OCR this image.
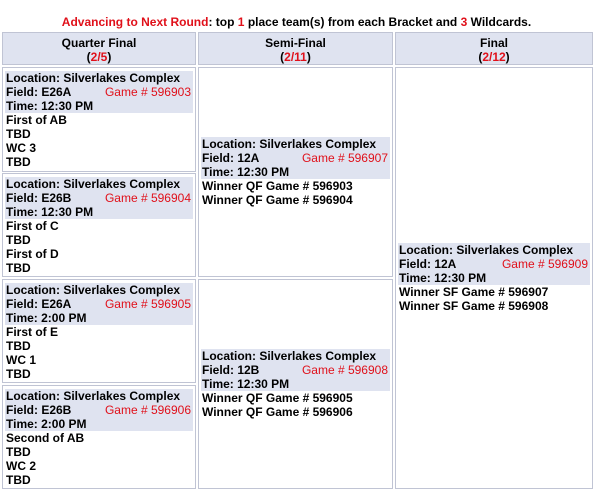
Advancing to Next Round: top 1 place team(s) from each Bracket and 3 Wildcards.
Quarter Final
(2/5)
Semi-Final
(2/11)
Final
(2/12)
Location: Silverlakes Complex
Field: E26A	Game # 596903
Time: 12:30 PM
First of AB
TBD
WC 3
TBD
Location: Silverlakes Complex
Field: E26B	Game # 596904
Time: 12:30 PM
First of C
TBD
First of D
TBD
Location: Silverlakes Complex
Field: E26A	Game # 596905
Time: 2:00 PM
First of E
TBD
WC 1
TBD
Location: Silverlakes Complex
Field: E26B	Game # 596906
Time: 2:00 PM
Second of AB
TBD
WC 2
TBD
Location: Silverlakes Complex
Field: 12A	Game # 596907
Time: 12:30 PM
Winner QF Game # 596903
Winner QF Game # 596904
Location: Silverlakes Complex
Field: 12B	Game # 596908
Time: 12:30 PM
Winner QF Game # 596905
Winner QF Game # 596906
Location: Silverlakes Complex
Field: 12A	Game # 596909
Time: 12:30 PM
Winner SF Game # 596907
Winner SF Game # 596908
